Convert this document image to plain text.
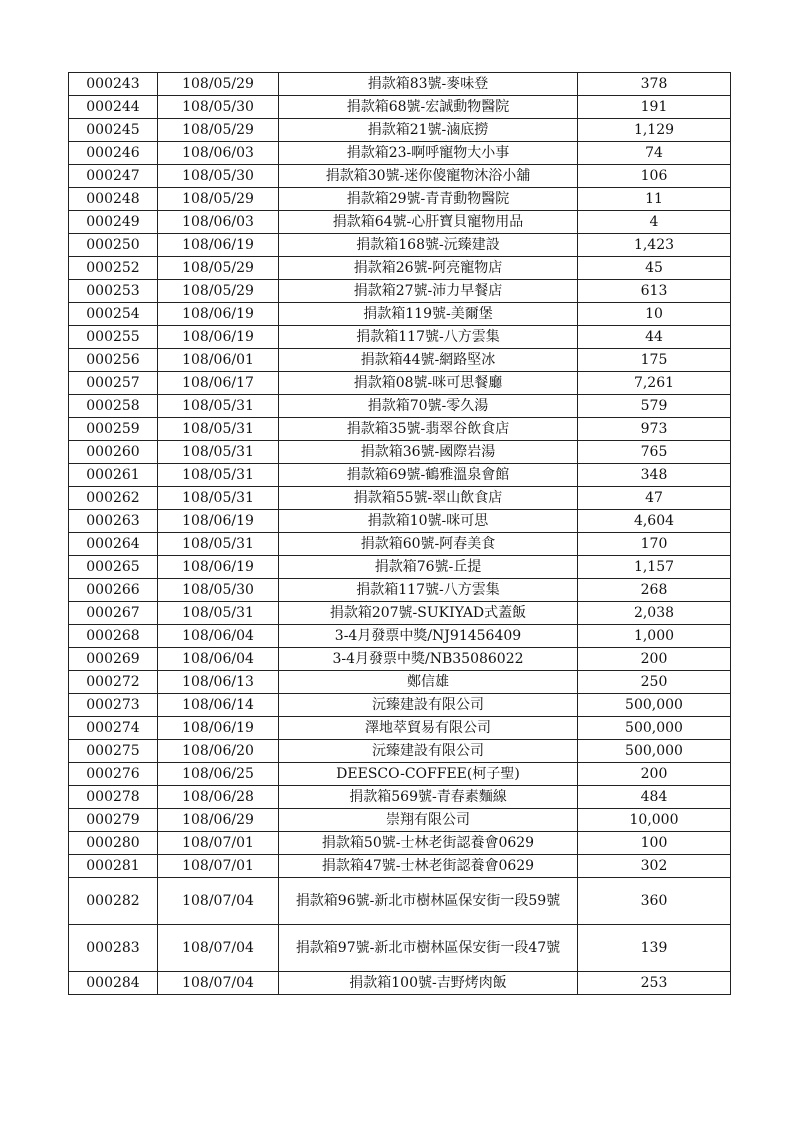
000243	108/05/29	捐款箱83號-麥味登	378
000244	108/05/30	捐款箱68號-宏誠動物醫院	191
000245	108/05/29	捐款箱21號-滷底撈	1,129
000246	108/06/03	捐款箱23-啊呼寵物大小事	74
000247	108/05/30	捐款箱30號-迷你傻寵物沐浴小舖	106
000248	108/05/29	捐款箱29號-青青動物醫院	11
000249	108/06/03	捐款箱64號-心肝寶貝寵物用品	4
000250	108/06/19	捐款箱168號-沅臻建設	1,423
000252	108/05/29	捐款箱26號-阿亮寵物店	45
000253	108/05/29	捐款箱27號-沛力早餐店	613
000254	108/06/19	捐款箱119號-美爾堡	10
000255	108/06/19	捐款箱117號-八方雲集	44
000256	108/06/01	捐款箱44號-網路堅冰	175
000257	108/06/17	捐款箱08號-咪可思餐廳	7,261
000258	108/05/31	捐款箱70號-零久湯	579
000259	108/05/31	捐款箱35號-翡翠谷飲食店	973
000260	108/05/31	捐款箱36號-國際岩湯	765
000261	108/05/31	捐款箱69號-鶴雅溫泉會館	348
000262	108/05/31	捐款箱55號-翠山飲食店	47
000263	108/06/19	捐款箱10號-咪可思	4,604
000264	108/05/31	捐款箱60號-阿春美食	170
000265	108/06/19	捐款箱76號-丘提	1,157
000266	108/05/30	捐款箱117號-八方雲集	268
000267	108/05/31	捐款箱207號-SUKIYAD式蓋飯	2,038
000268	108/06/04	3-4月發票中獎/NJ91456409	1,000
000269	108/06/04	3-4月發票中獎/NB35086022	200
000272	108/06/13	鄭信雄	250
000273	108/06/14	沅臻建設有限公司	500,000
000274	108/06/19	澤地萃貿易有限公司	500,000
000275	108/06/20	沅臻建設有限公司	500,000
000276	108/06/25	DEESCO-COFFEE(柯子聖)	200
000278	108/06/28	捐款箱569號-青春素麵線	484
000279	108/06/29	崇翔有限公司	10,000
000280	108/07/01	捐款箱50號-士林老街認養會0629	100
000281	108/07/01	捐款箱47號-士林老街認養會0629	302
000282	108/07/04	捐款箱96號-新北市樹林區保安街一段59號	360
000283	108/07/04	捐款箱97號-新北市樹林區保安街一段47號	139
000284	108/07/04	捐款箱100號-吉野烤肉飯	253
